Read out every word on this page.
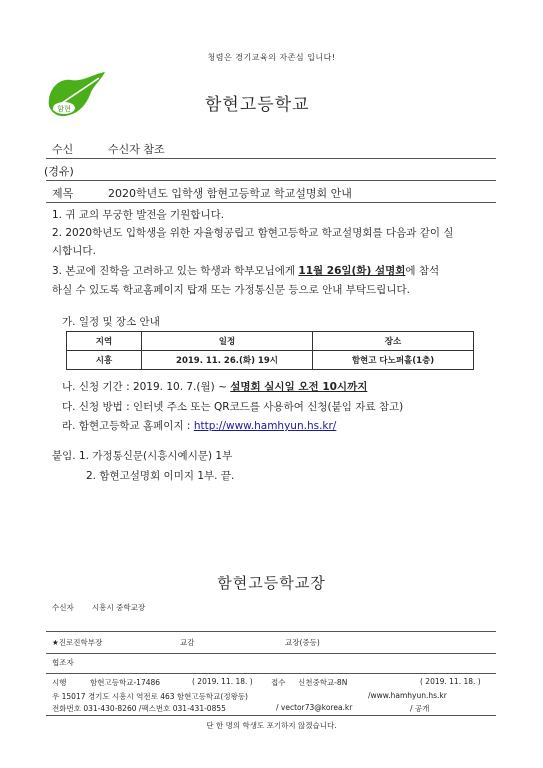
청렴은 경기교육의 자존심 입니다!
함현	함현고등학교
수신	수신자 참조
(경유)
제목	2020학년도 입학생 함현고등학교 학교설명회 안내
1. 귀 교의 무궁한 발전을 기원합니다.
2. 2020학년도 입학생을 위한 자율형공립고 함현고등학교 학교설명회를 다음과 같이 실
시합니다.
3. 본교에 진학을 고려하고 있는 학생과 학부모님에게 11월 26일(화) 설명회에 참석
하실 수 있도록 학교홈페이지 탑재 또는 가정통신문 등으로 안내 부탁드립니다.
가. 일정 및 장소 안내
지역	일정	장소
시흥	2019. 11. 26.(화) 19시	함현고 다노퍼홀(1층)
나. 신청 기간 : 2019. 10. 7.(월) ~ 설명회 실시일 오전 10시까지
다. 신청 방법 : 인터넷 주소 또는 QR코드를 사용하여 신청(붙임 자료 참고)
라. 함현고등학교 홈페이지 : http://www.hamhyun.hs.kr/
붙임. 1. 가정통신문(시흥시예시문) 1부
2. 함현고설명회 이미지 1부. 끝.
함현고등학교장
수신자 시흥시 중학교장
★진로진학부장	교감	교장(중등)
협조자
시행	함현고등학교-17486	( 2019. 11. 18. ) 접수 신천중학교-8N	( 2019. 11. 18. )
우 15017 경기도 시흥시 역전로 463 함현고등학교(정왕동)	/www.hamhyun.hs.kr
전화번호 031-430-8260 /팩스번호 031-431-0855	/ vector73@korea.kr	/ 공개
단 한 명의 학생도 포기하지 않겠습니다.
